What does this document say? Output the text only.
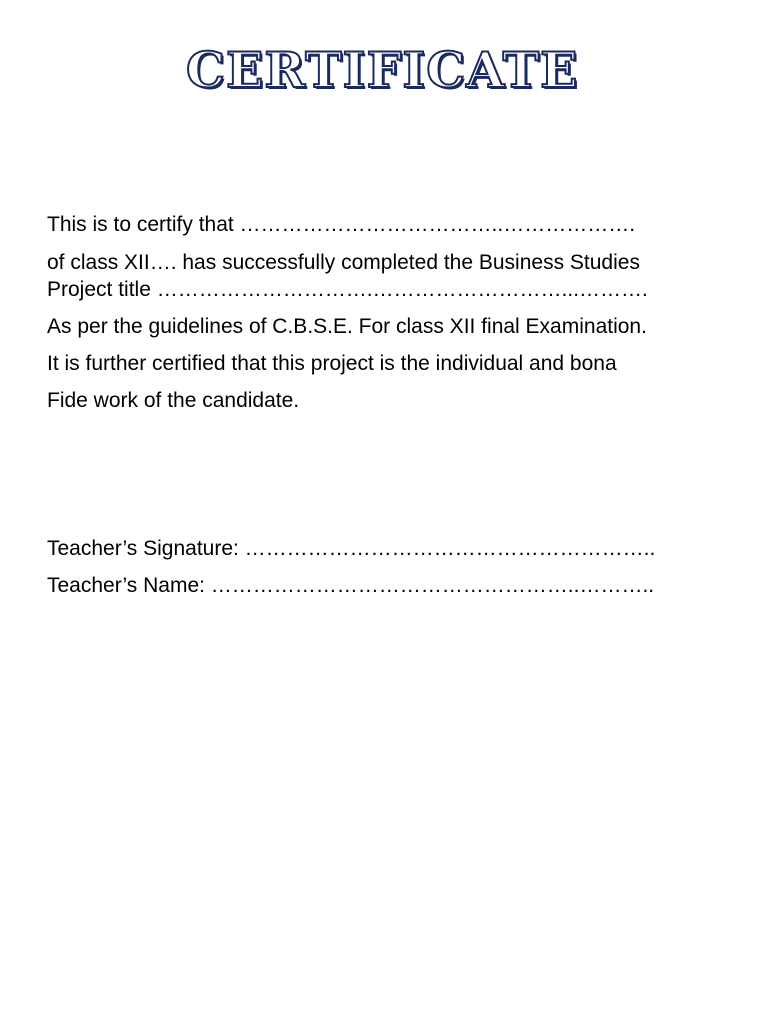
CERTIFICATE

This is to certify that ………………………………..……………….

of class XII…. has successfully completed the Business Studies

Project title ………………………….………………………...……….

As per the guidelines of C.B.S.E. For class XII final Examination.

It is further certified that this project is the individual and bona

Fide work of the candidate.

Teacher’s Signature: …………………………………………………..

Teacher’s Name: ……………………………………………..………..
